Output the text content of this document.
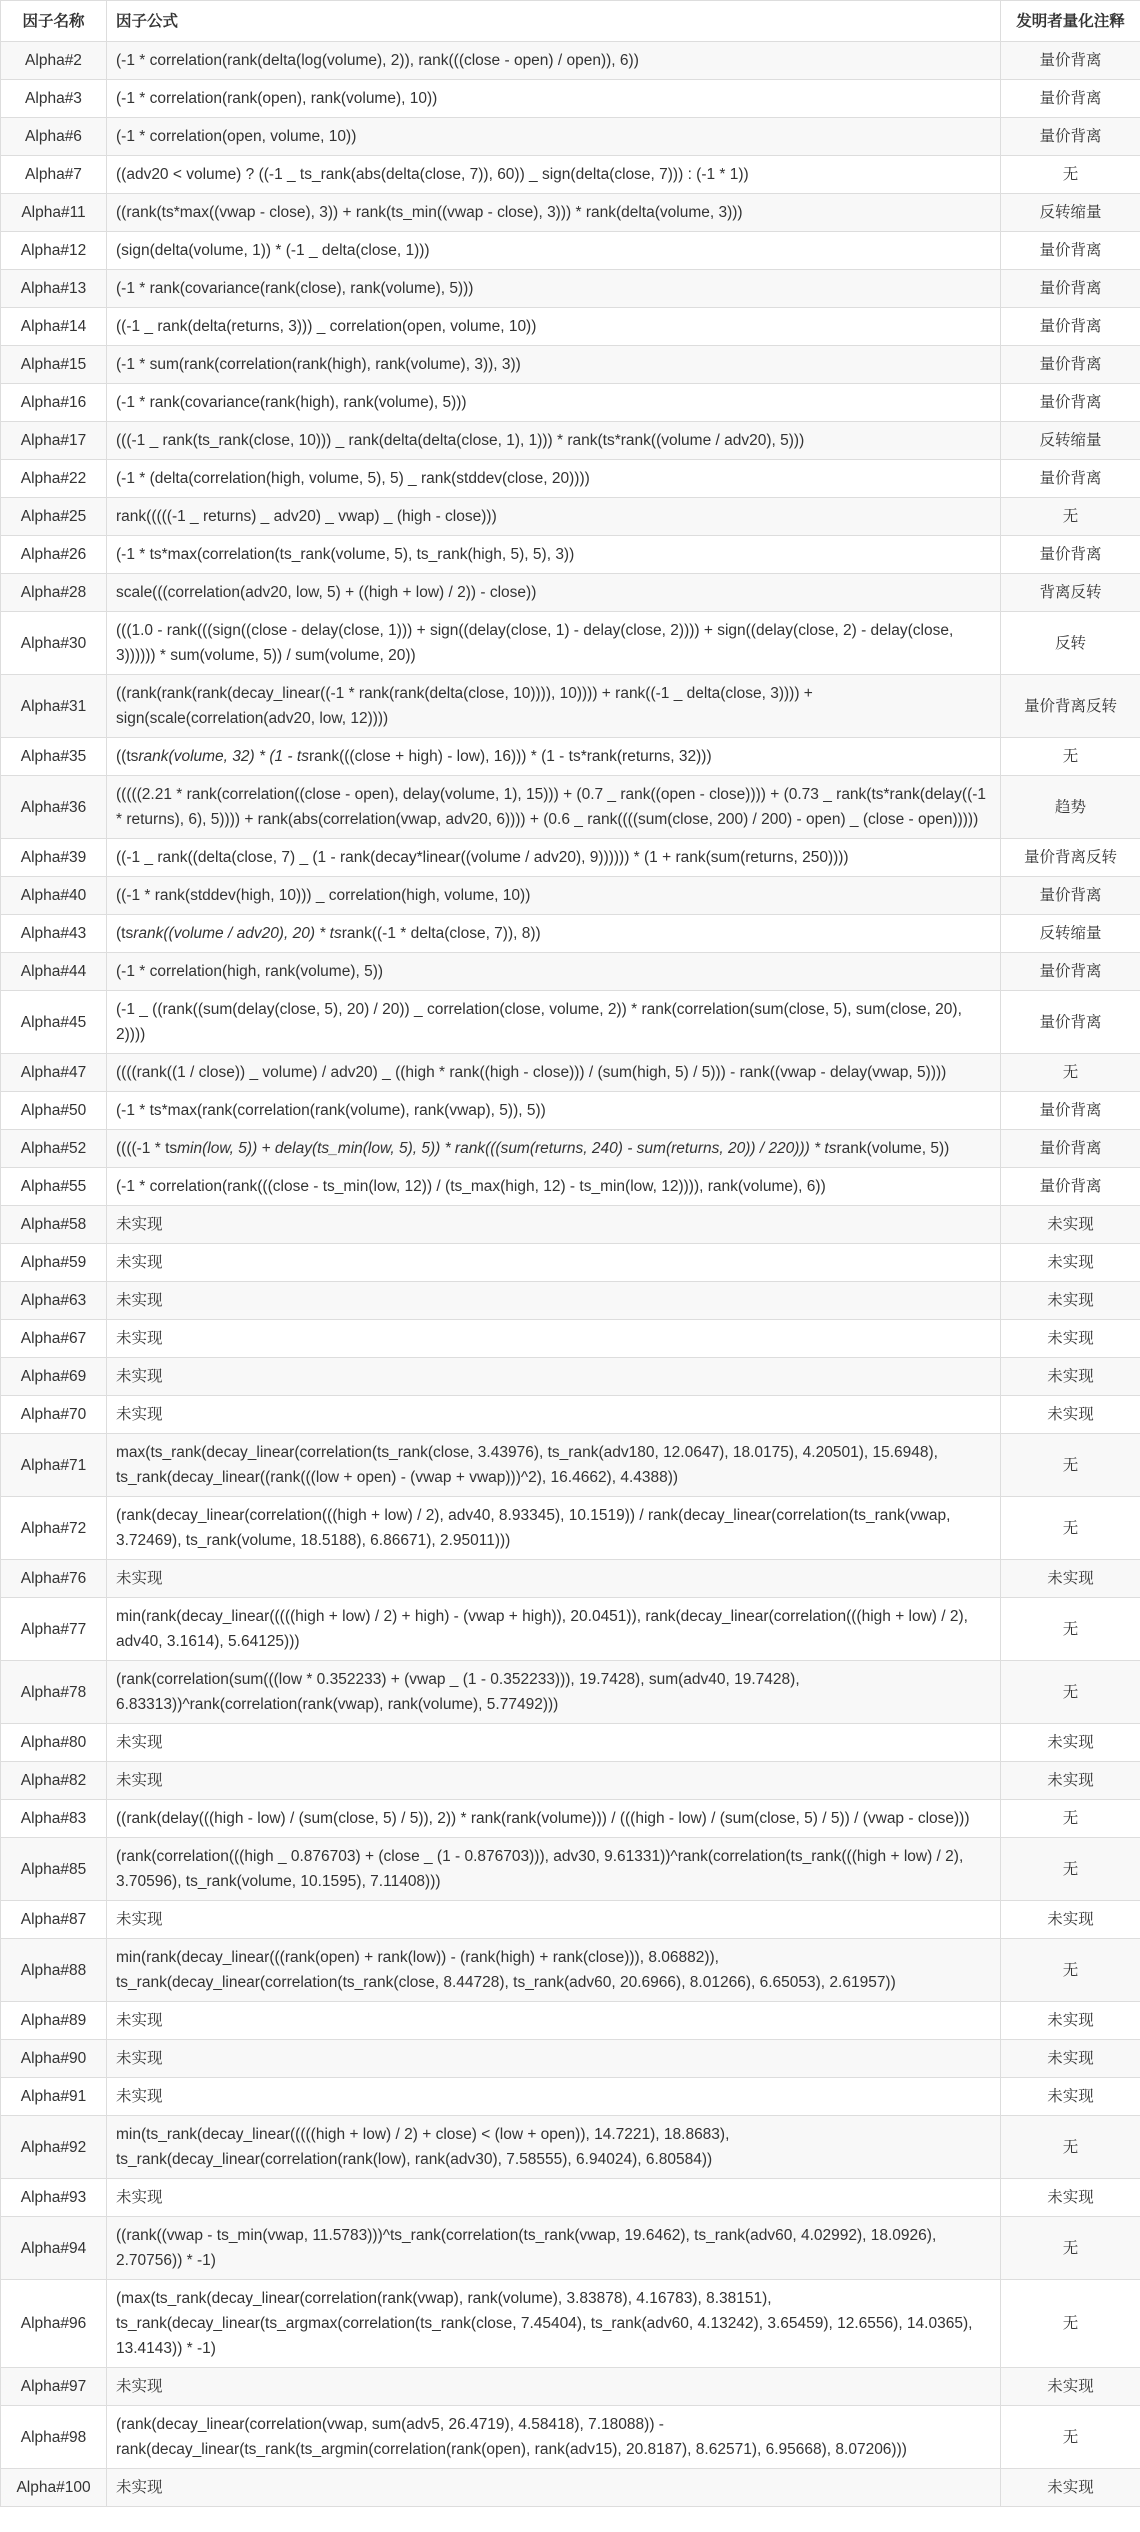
因子名称	因子公式	发明者量化注释
Alpha#2	(-1 * correlation(rank(delta(log(volume), 2)), rank(((close - open) / open)), 6))	量价背离
Alpha#3	(-1 * correlation(rank(open), rank(volume), 10))	量价背离
Alpha#6	(-1 * correlation(open, volume, 10))	量价背离
Alpha#7	((adv20 < volume) ? ((-1 _ ts_rank(abs(delta(close, 7)), 60)) _ sign(delta(close, 7))) : (-1 * 1))	无
Alpha#11	((rank(ts*max((vwap - close), 3)) + rank(ts_min((vwap - close), 3))) * rank(delta(volume, 3)))	反转缩量
Alpha#12	(sign(delta(volume, 1)) * (-1 _ delta(close, 1)))	量价背离
Alpha#13	(-1 * rank(covariance(rank(close), rank(volume), 5)))	量价背离
Alpha#14	((-1 _ rank(delta(returns, 3))) _ correlation(open, volume, 10))	量价背离
Alpha#15	(-1 * sum(rank(correlation(rank(high), rank(volume), 3)), 3))	量价背离
Alpha#16	(-1 * rank(covariance(rank(high), rank(volume), 5)))	量价背离
Alpha#17	(((-1 _ rank(ts_rank(close, 10))) _ rank(delta(delta(close, 1), 1))) * rank(ts*rank((volume / adv20), 5)))	反转缩量
Alpha#22	(-1 * (delta(correlation(high, volume, 5), 5) _ rank(stddev(close, 20))))	量价背离
Alpha#25	rank(((((-1 _ returns) _ adv20) _ vwap) _ (high - close)))	无
Alpha#26	(-1 * ts*max(correlation(ts_rank(volume, 5), ts_rank(high, 5), 5), 3))	量价背离
Alpha#28	scale(((correlation(adv20, low, 5) + ((high + low) / 2)) - close))	背离反转
Alpha#30	(((1.0 - rank(((sign((close - delay(close, 1))) + sign((delay(close, 1) - delay(close, 2)))) + sign((delay(close, 2) - delay(close, 3)))))) * sum(volume, 5)) / sum(volume, 20))	反转
Alpha#31	((rank(rank(rank(decay_linear((-1 * rank(rank(delta(close, 10)))), 10)))) + rank((-1 _ delta(close, 3)))) + sign(scale(correlation(adv20, low, 12))))	量价背离反转
Alpha#35	((tsrank(volume, 32) * (1 - tsrank(((close + high) - low), 16))) * (1 - ts*rank(returns, 32)))	无
Alpha#36	(((((2.21 * rank(correlation((close - open), delay(volume, 1), 15))) + (0.7 _ rank((open - close)))) + (0.73 _ rank(ts*rank(delay((-1 * returns), 6), 5)))) + rank(abs(correlation(vwap, adv20, 6)))) + (0.6 _ rank((((sum(close, 200) / 200) - open) _ (close - open)))))	趋势
Alpha#39	((-1 _ rank((delta(close, 7) _ (1 - rank(decay*linear((volume / adv20), 9)))))) * (1 + rank(sum(returns, 250))))	量价背离反转
Alpha#40	((-1 * rank(stddev(high, 10))) _ correlation(high, volume, 10))	量价背离
Alpha#43	(tsrank((volume / adv20), 20) * tsrank((-1 * delta(close, 7)), 8))	反转缩量
Alpha#44	(-1 * correlation(high, rank(volume), 5))	量价背离
Alpha#45	(-1 _ ((rank((sum(delay(close, 5), 20) / 20)) _ correlation(close, volume, 2)) * rank(correlation(sum(close, 5), sum(close, 20), 2))))	量价背离
Alpha#47	((((rank((1 / close)) _ volume) / adv20) _ ((high * rank((high - close))) / (sum(high, 5) / 5))) - rank((vwap - delay(vwap, 5))))	无
Alpha#50	(-1 * ts*max(rank(correlation(rank(volume), rank(vwap), 5)), 5))	量价背离
Alpha#52	((((-1 * tsmin(low, 5)) + delay(ts_min(low, 5), 5)) * rank(((sum(returns, 240) - sum(returns, 20)) / 220))) * tsrank(volume, 5))	量价背离
Alpha#55	(-1 * correlation(rank(((close - ts_min(low, 12)) / (ts_max(high, 12) - ts_min(low, 12)))), rank(volume), 6))	量价背离
Alpha#58	未实现	未实现
Alpha#59	未实现	未实现
Alpha#63	未实现	未实现
Alpha#67	未实现	未实现
Alpha#69	未实现	未实现
Alpha#70	未实现	未实现
Alpha#71	max(ts_rank(decay_linear(correlation(ts_rank(close, 3.43976), ts_rank(adv180, 12.0647), 18.0175), 4.20501), 15.6948), ts_rank(decay_linear((rank(((low + open) - (vwap + vwap)))^2), 16.4662), 4.4388))	无
Alpha#72	(rank(decay_linear(correlation(((high + low) / 2), adv40, 8.93345), 10.1519)) / rank(decay_linear(correlation(ts_rank(vwap, 3.72469), ts_rank(volume, 18.5188), 6.86671), 2.95011)))	无
Alpha#76	未实现	未实现
Alpha#77	min(rank(decay_linear(((((high + low) / 2) + high) - (vwap + high)), 20.0451)), rank(decay_linear(correlation(((high + low) / 2), adv40, 3.1614), 5.64125)))	无
Alpha#78	(rank(correlation(sum(((low * 0.352233) + (vwap _ (1 - 0.352233))), 19.7428), sum(adv40, 19.7428), 6.83313))^rank(correlation(rank(vwap), rank(volume), 5.77492)))	无
Alpha#80	未实现	未实现
Alpha#82	未实现	未实现
Alpha#83	((rank(delay(((high - low) / (sum(close, 5) / 5)), 2)) * rank(rank(volume))) / (((high - low) / (sum(close, 5) / 5)) / (vwap - close)))	无
Alpha#85	(rank(correlation(((high _ 0.876703) + (close _ (1 - 0.876703))), adv30, 9.61331))^rank(correlation(ts_rank(((high + low) / 2), 3.70596), ts_rank(volume, 10.1595), 7.11408)))	无
Alpha#87	未实现	未实现
Alpha#88	min(rank(decay_linear(((rank(open) + rank(low)) - (rank(high) + rank(close))), 8.06882)), ts_rank(decay_linear(correlation(ts_rank(close, 8.44728), ts_rank(adv60, 20.6966), 8.01266), 6.65053), 2.61957))	无
Alpha#89	未实现	未实现
Alpha#90	未实现	未实现
Alpha#91	未实现	未实现
Alpha#92	min(ts_rank(decay_linear(((((high + low) / 2) + close) < (low + open)), 14.7221), 18.8683), ts_rank(decay_linear(correlation(rank(low), rank(adv30), 7.58555), 6.94024), 6.80584))	无
Alpha#93	未实现	未实现
Alpha#94	((rank((vwap - ts_min(vwap, 11.5783)))^ts_rank(correlation(ts_rank(vwap, 19.6462), ts_rank(adv60, 4.02992), 18.0926), 2.70756)) * -1)	无
Alpha#96	(max(ts_rank(decay_linear(correlation(rank(vwap), rank(volume), 3.83878), 4.16783), 8.38151), ts_rank(decay_linear(ts_argmax(correlation(ts_rank(close, 7.45404), ts_rank(adv60, 4.13242), 3.65459), 12.6556), 14.0365), 13.4143)) * -1)	无
Alpha#97	未实现	未实现
Alpha#98	(rank(decay_linear(correlation(vwap, sum(adv5, 26.4719), 4.58418), 7.18088)) - rank(decay_linear(ts_rank(ts_argmin(correlation(rank(open), rank(adv15), 20.8187), 8.62571), 6.95668), 8.07206)))	无
Alpha#100	未实现	未实现
